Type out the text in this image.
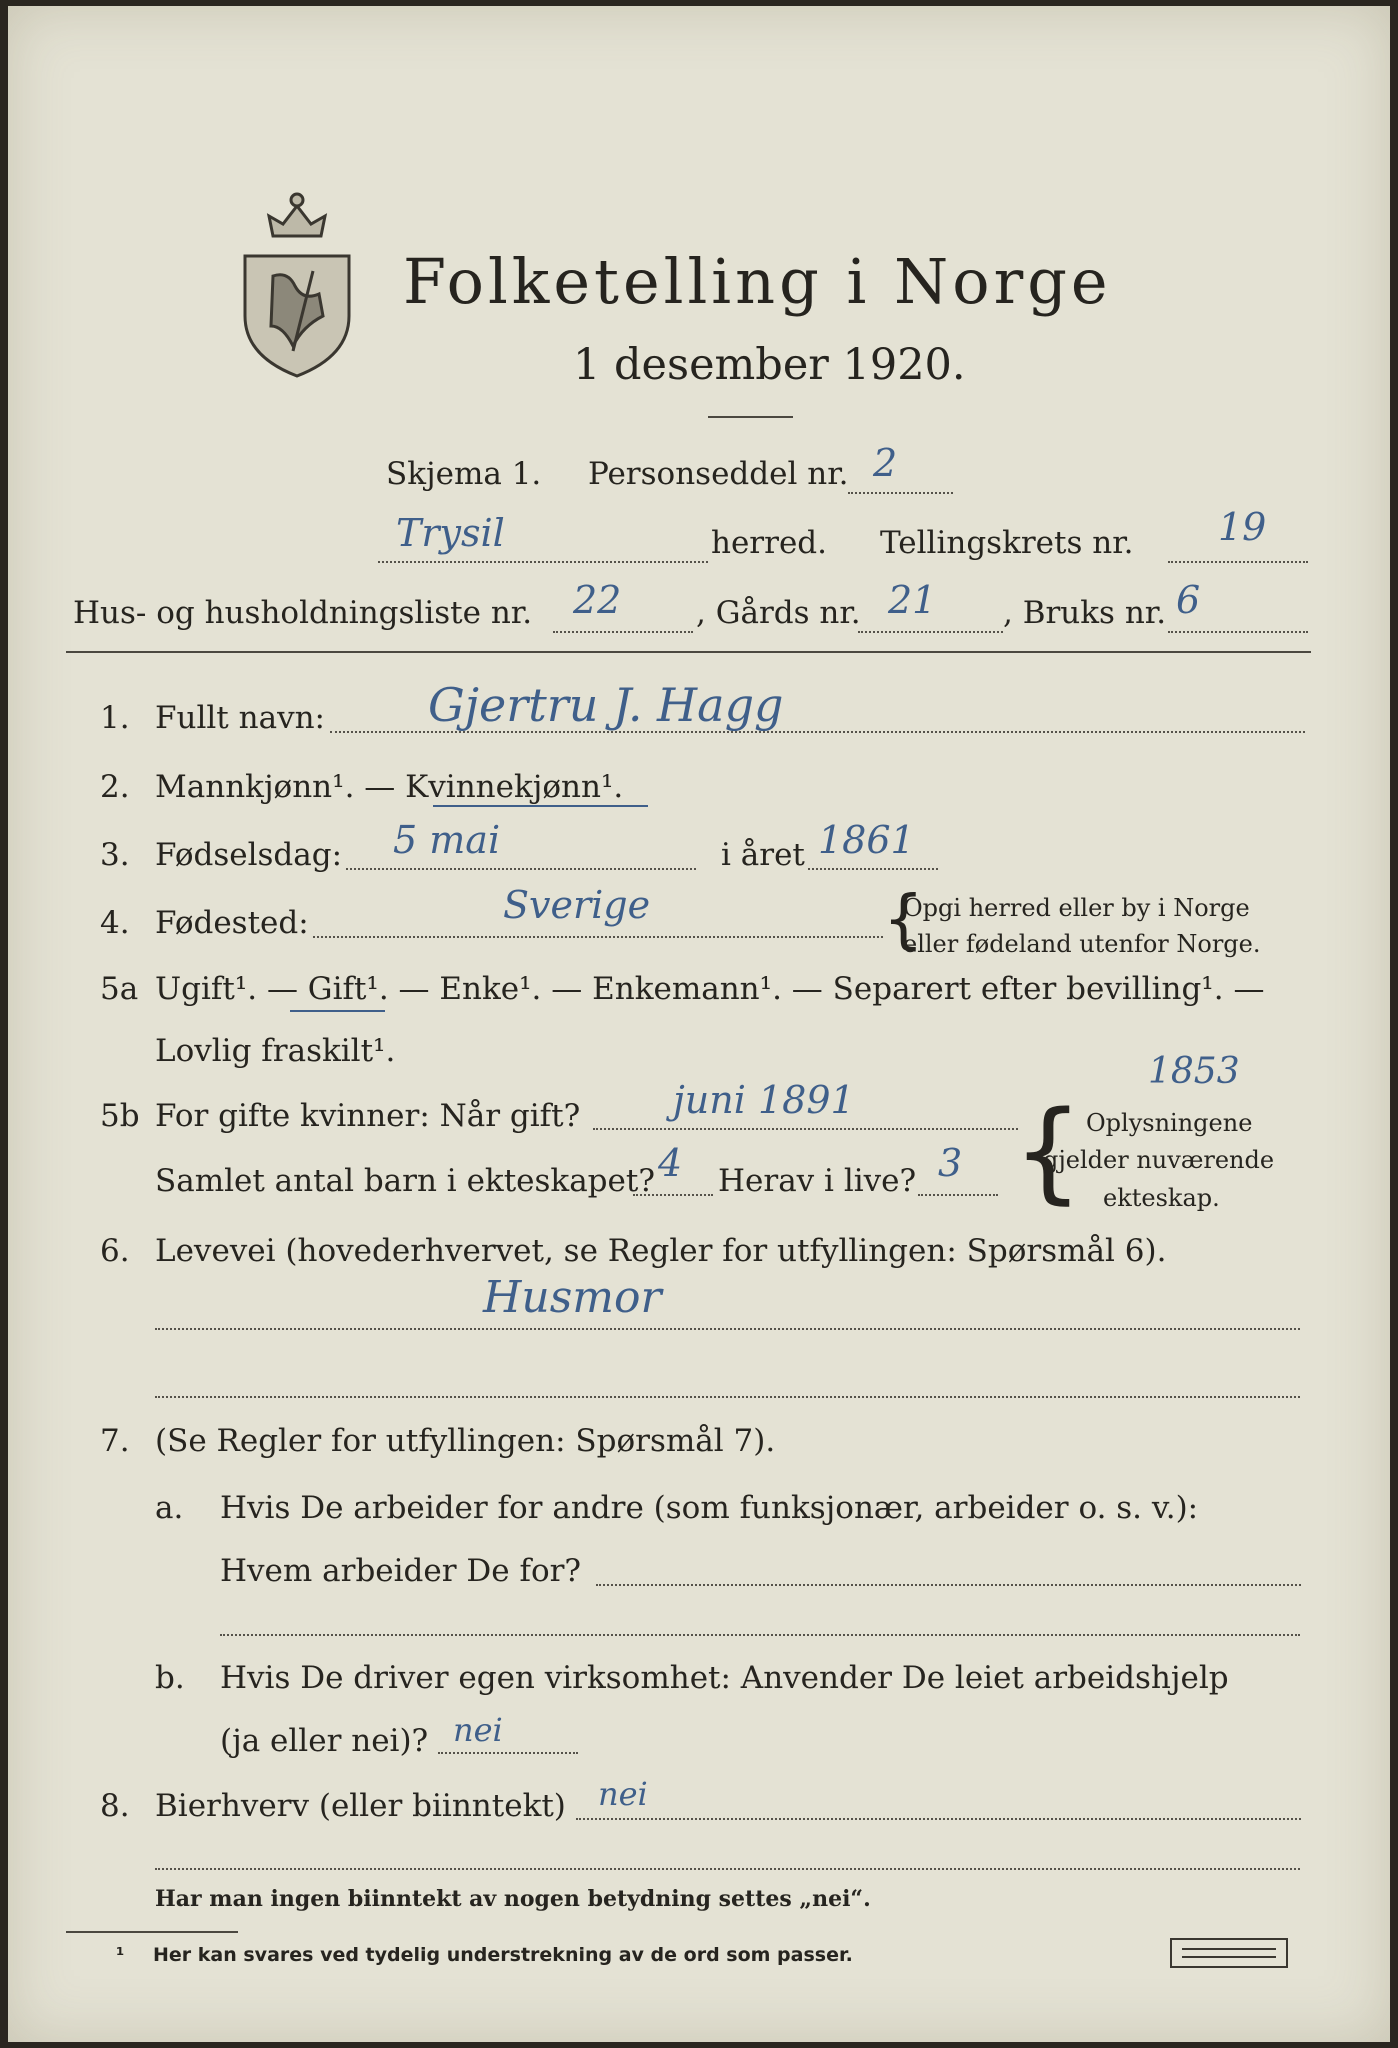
Folketelling i Norge
1 desember 1920.
Skjema 1. Personseddel nr. 2
Trysil	herred. Tellingskrets nr. 19
Hus- og husholdningsliste nr. 22 , Gårds nr. 21 , Bruks nr. 6
1. Fullt navn: Gjertru J. Hagg
2. Mannkjønn¹. — Kvinnekjønn¹.
3. Fødselsdag: 5 mai	i året 1861
4. Fødested:	Sverige	{
Opgi herred eller by i Norge
eller fødeland utenfor Norge.
5a Ugift¹. — Gift¹. — Enke¹. — Enkemann¹. — Separert efter bevilling¹. —
Lovlig fraskilt¹.	1853
5b For gifte kvinner: Når gift? juni 1891
Samlet antal barn i ekteskapet? 4 Herav i live? 3 { Oplysningene
gjelder nuværende
ekteskap.
6. Levevei (hovederhvervet, se Regler for utfyllingen: Spørsmål 6).
Husmor
7. (Se Regler for utfyllingen: Spørsmål 7).
a. Hvis De arbeider for andre (som funksjonær, arbeider o. s. v.):
Hvem arbeider De for?
b. Hvis De driver egen virksomhet: Anvender De leiet arbeidshjelp
(ja eller nei)? nei
8. Bierhverv (eller biinntekt) nei
Har man ingen biinntekt av nogen betydning settes „nei“.
¹ Her kan svares ved tydelig understrekning av de ord som passer.
